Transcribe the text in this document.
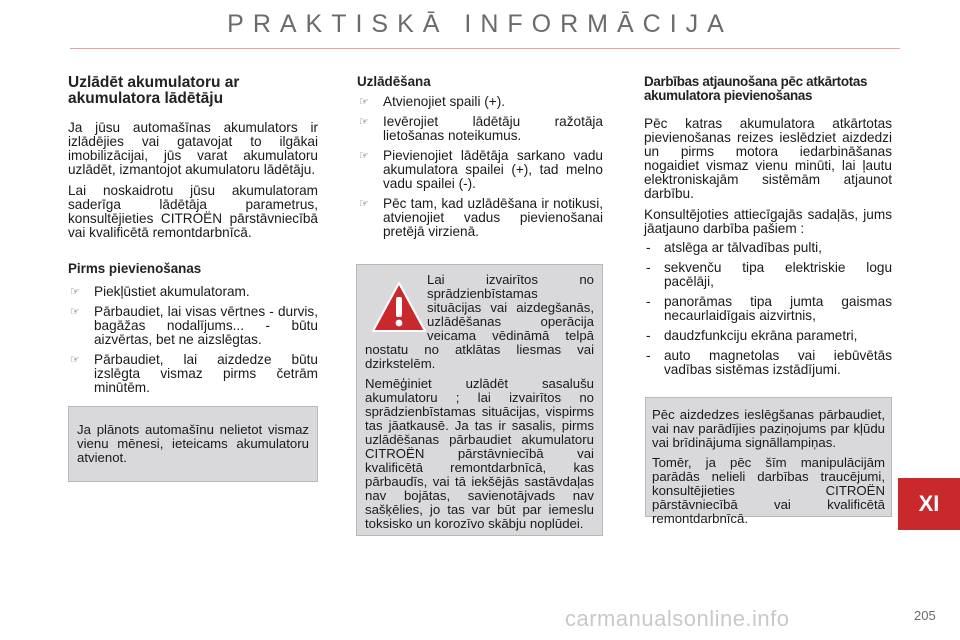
PRAKTISKĀ INFORMĀCIJA
Uzlādēt akumulatoru ar akumulatora lādētāju

Ja jūsu automašīnas akumulators ir izlādējies vai gatavojat to ilgākai imobilizācijai, jūs varat akumulatoru uzlādēt, izmantojot akumulatoru lādētāju.

Lai noskaidrotu jūsu akumulatoram saderīga lādētāja parametrus, konsultējieties CITROËN pārstāvniecībā vai kvalificētā remontdarbnīcā.

Pirms pievienošanas
☞ Piekļūstiet akumulatoram.
☞ Pārbaudiet, lai visas vērtnes - durvis, bagāžas nodalījums... - būtu aizvērtas, bet ne aizslēgtas.
☞ Pārbaudiet, lai aizdedze būtu izslēgta vismaz pirms četrām minūtēm.

Ja plānots automašīnu nelietot vismaz vienu mēnesi, ieteicams akumulatoru atvienot.

Uzlādēšana
☞ Atvienojiet spaili (+).
☞ Ievērojiet lādētāju ražotāja lietošanas noteikumus.
☞ Pievienojiet lādētāja sarkano vadu akumulatora spailei (+), tad melno vadu spailei (-).
☞ Pēc tam, kad uzlādēšana ir notikusi, atvienojiet vadus pievienošanai pretējā virzienā.

Lai izvairītos no sprādzienbīstamas situācijas vai aizdegšanās, uzlādēšanas operācija veicama vēdināmā telpā nostatu no atklātas liesmas vai dzirkstelēm.

Nemēģiniet uzlādēt sasalušu akumulatoru ; lai izvairītos no sprādzienbīstamas situācijas, vispirms tas jāatkausē. Ja tas ir sasalis, pirms uzlādēšanas pārbaudiet akumulatoru CITROËN pārstāvniecībā vai kvalificētā remontdarbnīcā, kas pārbaudīs, vai tā iekšējās sastāvdaļas nav bojātas, savienotājvads nav sašķēlies, jo tas var būt par iemeslu toksisko un korozīvo skābju noplūdei.

Darbības atjaunošana pēc atkārtotas akumulatora pievienošanas

Pēc katras akumulatora atkārtotas pievienošanas reizes ieslēdziet aizdedzi un pirms motora iedarbināšanas nogaidiet vismaz vienu minūti, lai ļautu elektroniskajām sistēmām atjaunot darbību.

Konsultējoties attiecīgajās sadaļās, jums jāatjauno darbība pašiem :

- atslēga ar tālvadības pulti,
- sekvenču tipa elektriskie logu pacēlāji,
- panorāmas tipa jumta gaismas necaurlaidīgais aizvirtnis,
- daudzfunkciju ekrāna parametri,
- auto magnetolas vai iebūvētās vadības sistēmas izstādījumi.

Pēc aizdedzes ieslēgšanas pārbaudiet, vai nav parādījies paziņojums par kļūdu vai brīdinājuma signāllampiņas.

Tomēr, ja pēc šīm manipulācijām parādās nelieli darbības traucējumi, konsultējieties CITROËN pārstāvniecībā vai kvalificētā remontdarbnīcā.

XI
carmanualsonline.info	205
